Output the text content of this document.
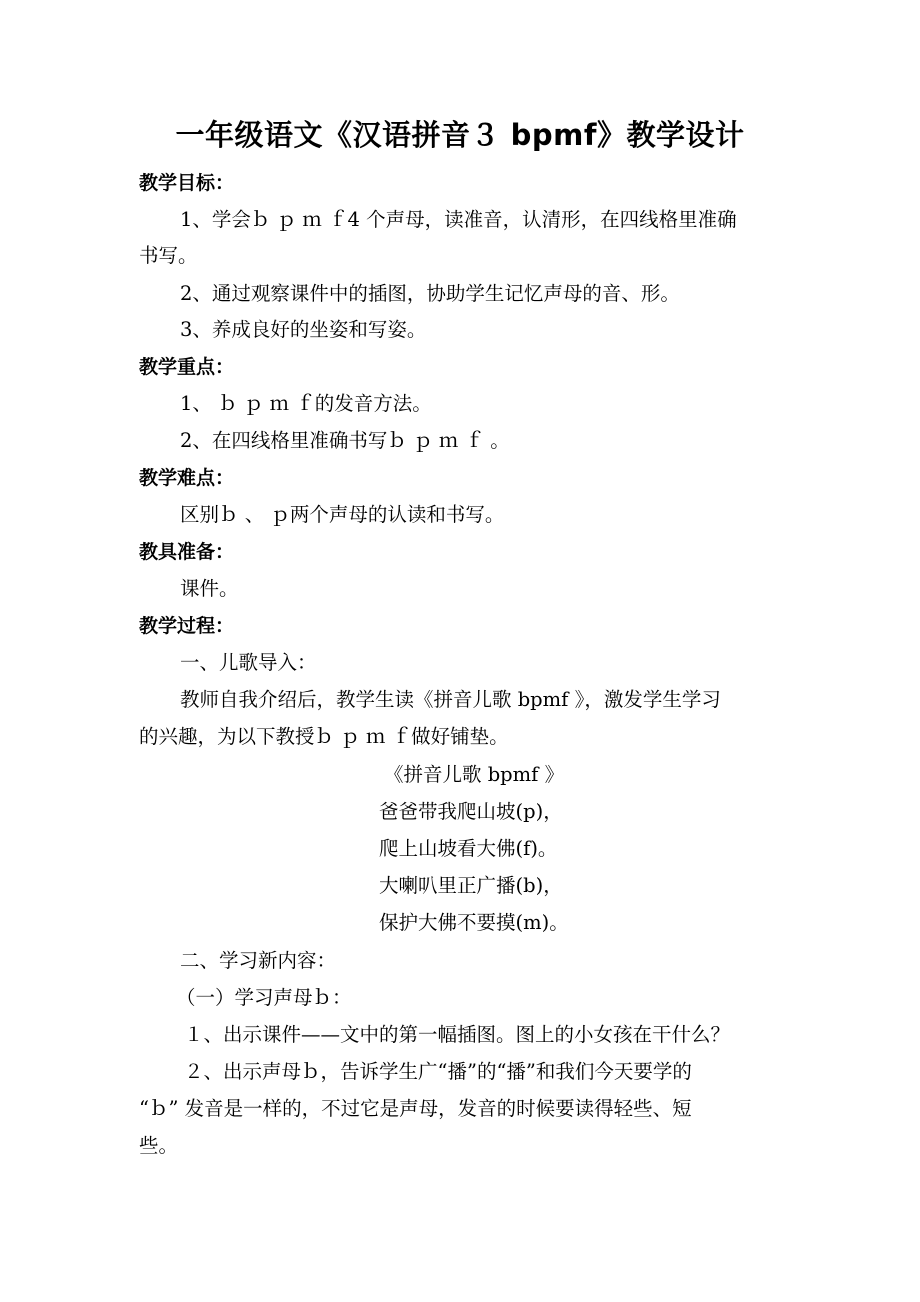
一年级语文《汉语拼音３ bpmf》教学设计
教学目标：
1、学会ｂ ｐ ｍ ｆ4 个声母，读准音，认清形，在四线格里准确
书写。
2、通过观察课件中的插图，协助学生记忆声母的音、形。
3、养成良好的坐姿和写姿。
教学重点：
1、 ｂ ｐ ｍ ｆ的发音方法。
2、在四线格里准确书写ｂ ｐ ｍ ｆ 。
教学难点：
区别ｂ 、 ｐ两个声母的认读和书写。
教具准备：
课件。
教学过程：
一、儿歌导入：
教师自我介绍后，教学生读《拼音儿歌 bpmf 》，激发学生学习
的兴趣，为以下教授ｂ ｐ ｍ ｆ做好铺垫。
《拼音儿歌 bpmf 》
爸爸带我爬山坡(p)，
爬上山坡看大佛(f)。
大喇叭里正广播(b)，
保护大佛不要摸(m)。
二、学习新内容：
（一）学习声母ｂ：
１、出示课件——文中的第一幅插图。图上的小女孩在干什么？
２、出示声母ｂ，告诉学生广“播”的“播”和我们今天要学的
“ｂ” 发音是一样的，不过它是声母，发音的时候要读得轻些、短
些。
